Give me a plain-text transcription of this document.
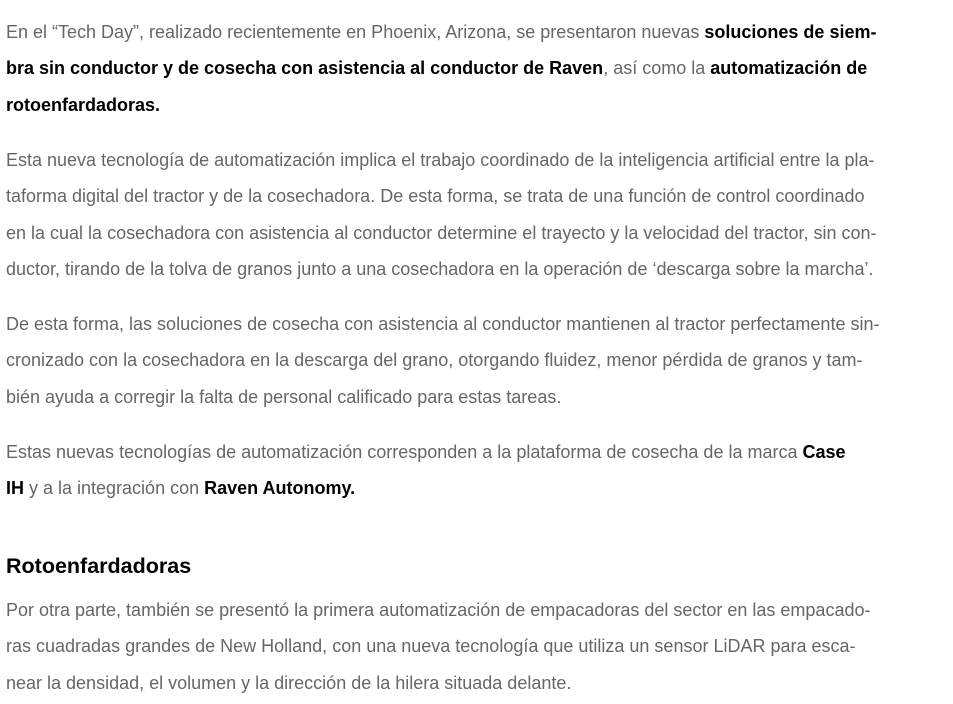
En el “Tech Day”, realizado recientemente en Phoenix, Arizona, se presentaron nuevas soluciones de siem-
bra sin conductor y de cosecha con asistencia al conductor de Raven, así como la automatización de
rotoenfardadoras.

Esta nueva tecnología de automatización implica el trabajo coordinado de la inteligencia artificial entre la pla-
taforma digital del tractor y de la cosechadora. De esta forma, se trata de una función de control coordinado
en la cual la cosechadora con asistencia al conductor determine el trayecto y la velocidad del tractor, sin con-
ductor, tirando de la tolva de granos junto a una cosechadora en la operación de ‘descarga sobre la marcha’.

De esta forma, las soluciones de cosecha con asistencia al conductor mantienen al tractor perfectamente sin-
cronizado con la cosechadora en la descarga del grano, otorgando fluidez, menor pérdida de granos y tam-
bién ayuda a corregir la falta de personal calificado para estas tareas.

Estas nuevas tecnologías de automatización corresponden a la plataforma de cosecha de la marca Case
IH y a la integración con Raven Autonomy.

Rotoenfardadoras

Por otra parte, también se presentó la primera automatización de empacadoras del sector en las empacado-
ras cuadradas grandes de New Holland, con una nueva tecnología que utiliza un sensor LiDAR para esca-
near la densidad, el volumen y la dirección de la hilera situada delante.
